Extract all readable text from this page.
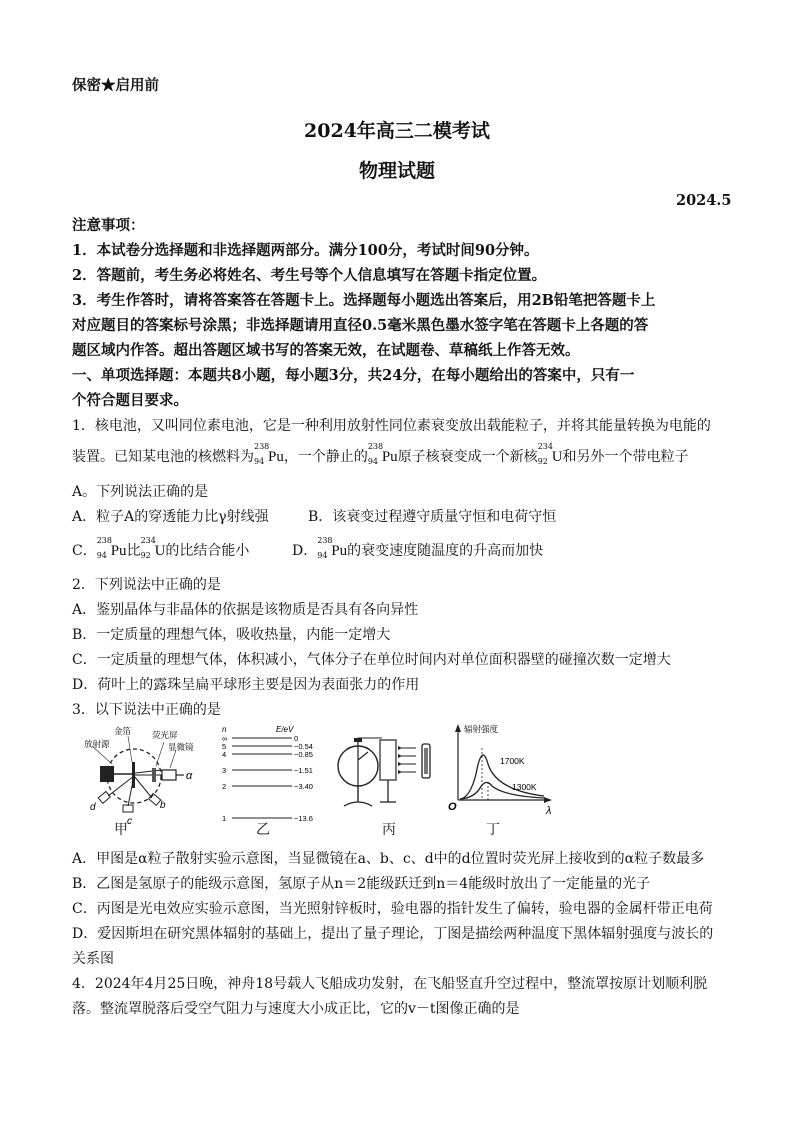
保密★启用前
2024年高三二模考试
物理试题
2024.5
注意事项：
1．本试卷分选择题和非选择题两部分。满分100分，考试时间90分钟。
2．答题前，考生务必将姓名、考生号等个人信息填写在答题卡指定位置。
3．考生作答时，请将答案答在答题卡上。选择题每小题选出答案后，用2B铅笔把答题卡上
对应题目的答案标号涂黑；非选择题请用直径0.5毫米黑色墨水签字笔在答题卡上各题的答
题区域内作答。超出答题区域书写的答案无效，在试题卷、草稿纸上作答无效。
一、单项选择题：本题共8小题，每小题3分，共24分，在每小题给出的答案中，只有一
个符合题目要求。
1．核电池，又叫同位素电池，它是一种利用放射性同位素衰变放出载能粒子，并将其能量转换为电能的
装置。已知某电池的核燃料为
238
94 Pu，一个静止的
238
94 Pu原子核衰变成一个新核
234
92 U和另外一个带电粒子
A。下列说法正确的是
A．粒子A的穿透能力比γ射线强	B．该衰变过程遵守质量守恒和电荷守恒
C．
238
94 Pu比
234
92 U的比结合能小	D．
238
94 Pu的衰变速度随温度的升高而加快
2．下列说法中正确的是
A．鉴别晶体与非晶体的依据是该物质是否具有各向异性
B．一定质量的理想气体，吸收热量，内能一定增大
C．一定质量的理想气体，体积减小，气体分子在单位时间内对单位面积器壁的碰撞次数一定增大
D．荷叶上的露珠呈扁平球形主要是因为表面张力的作用
3．以下说法中正确的是
放射源
金箔 荧光屏
显微镜
α
b
c
d
甲
n	E/eV
∞	0
5	−0.54
4	−0.85
3	−1.51
2	−3.40
1	−13.6
乙	丙
辐射强度
1700K
1300K
O	λ
丁
A．甲图是α粒子散射实验示意图，当显微镜在a、b、c、d中的d位置时荧光屏上接收到的α粒子数最多
B．乙图是氢原子的能级示意图，氢原子从n＝2能级跃迁到n＝4能级时放出了一定能量的光子
C．丙图是光电效应实验示意图，当光照射锌板时，验电器的指针发生了偏转，验电器的金属杆带正电荷
D．爱因斯坦在研究黑体辐射的基础上，提出了量子理论，丁图是描绘两种温度下黑体辐射强度与波长的
关系图
4．2024年4月25日晚，神舟18号载人飞船成功发射，在飞船竖直升空过程中，整流罩按原计划顺利脱
落。整流罩脱落后受空气阻力与速度大小成正比，它的v－t图像正确的是
